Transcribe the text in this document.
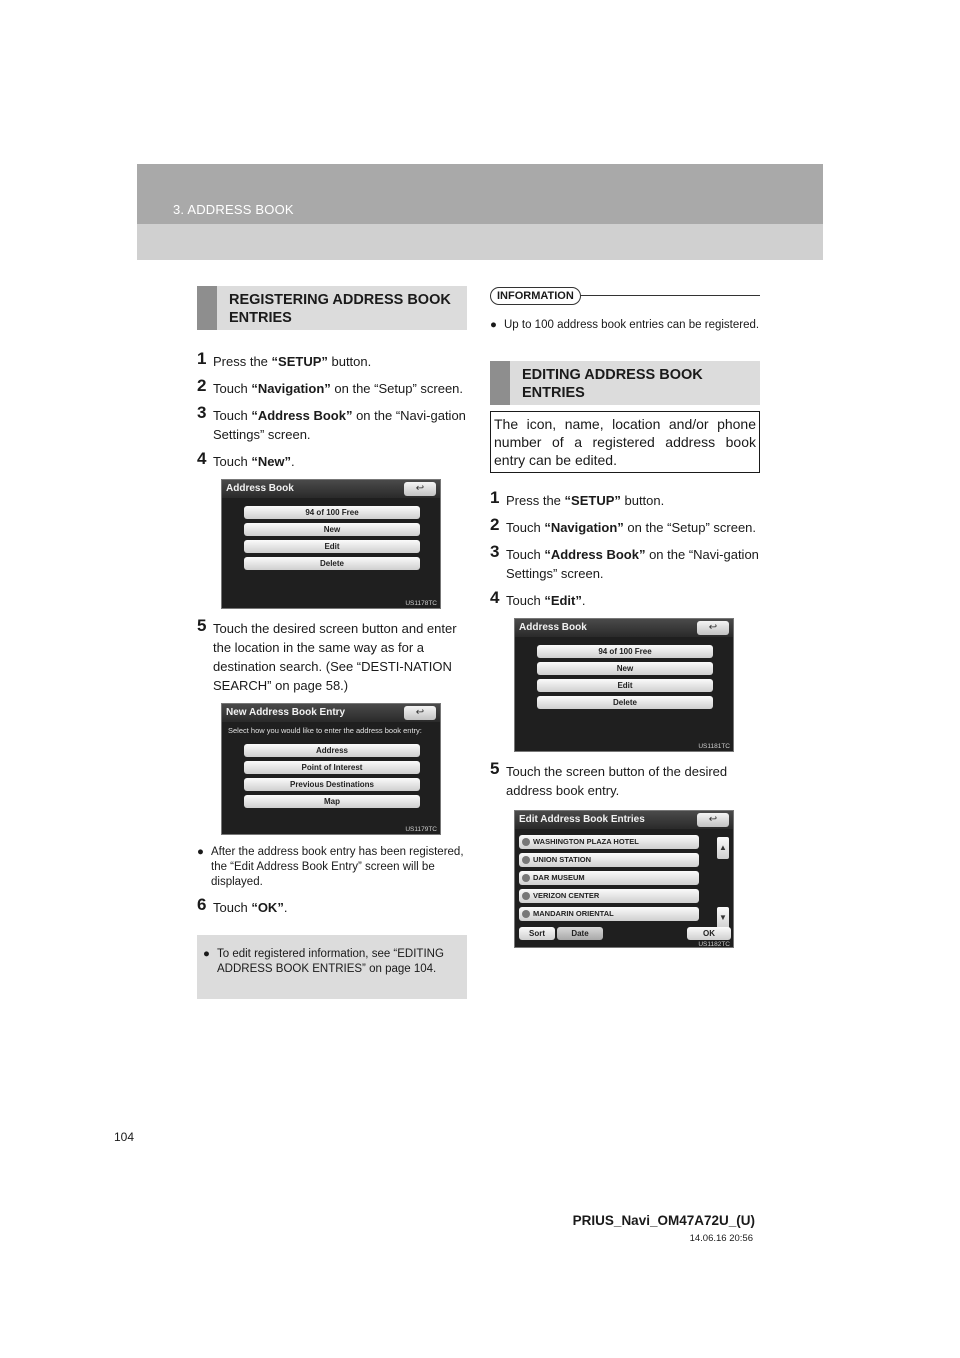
3. ADDRESS BOOK
REGISTERING ADDRESS BOOK ENTRIES
1 Press the “SETUP” button.
2 Touch “Navigation” on the “Setup” screen.
3 Touch “Address Book” on the “Navi-gation Settings” screen.
4 Touch “New”.
Address Book	↩
94 of 100 Free
New
Edit
Delete
US1178TC
5 Touch the desired screen button and enter the location in the same way as for a destination search. (See “DESTI-NATION SEARCH” on page 58.)
New Address Book Entry	↩
Select how you would like to enter the address book entry:
Address
Point of Interest
Previous Destinations
Map
US1179TC
● After the address book entry has been registered, the “Edit Address Book Entry” screen will be displayed.
6 Touch “OK”.
● To edit registered information, see “EDITING ADDRESS BOOK ENTRIES” on page 104.
INFORMATION
● Up to 100 address book entries can be registered.
EDITING ADDRESS BOOK ENTRIES
The icon, name, location and/or phone number of a registered address book entry can be edited.
1 Press the “SETUP” button.
2 Touch “Navigation” on the “Setup” screen.
3 Touch “Address Book” on the “Navi-gation Settings” screen.
4 Touch “Edit”.
Address Book	↩
94 of 100 Free
New
Edit
Delete
US1181TC
5 Touch the screen button of the desired address book entry.
Edit Address Book Entries	↩
WASHINGTON PLAZA HOTEL
UNION STATION
DAR MUSEUM
VERIZON CENTER
MANDARIN ORIENTAL
▲
▼
Sort	Date	OK
US1182TC
104
PRIUS_Navi_OM47A72U_(U)
14.06.16 20:56
